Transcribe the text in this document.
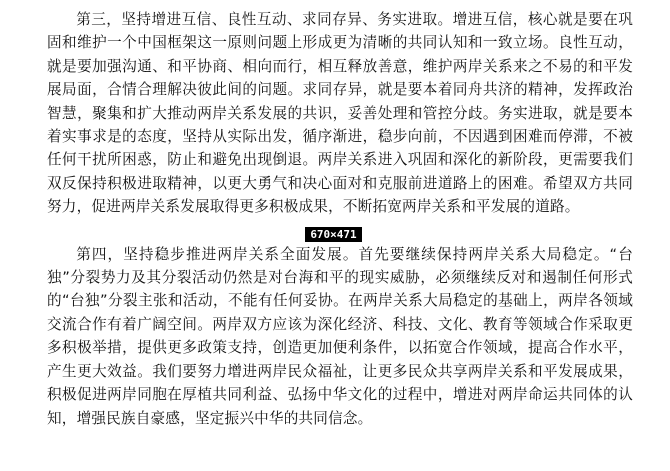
第三，坚持增进互信、良性互动、求同存异、务实进取。增进互信，核心就是要在巩固和维护一个中国框架这一原则问题上形成更为清晰的共同认知和一致立场。良性互动，就是要加强沟通、和平协商、相向而行，相互释放善意，维护两岸关系来之不易的和平发展局面，合情合理解决彼此间的问题。求同存异，就是要本着同舟共济的精神，发挥政治智慧，聚集和扩大推动两岸关系发展的共识，妥善处理和管控分歧。务实进取，就是要本着实事求是的态度，坚持从实际出发，循序渐进，稳步向前，不因遇到困难而停滞，不被任何干扰所困惑，防止和避免出现倒退。两岸关系进入巩固和深化的新阶段，更需要我们双反保持积极进取精神，以更大勇气和决心面对和克服前进道路上的困难。希望双方共同努力，促进两岸关系发展取得更多积极成果，不断拓宽两岸关系和平发展的道路。

第四，坚持稳步推进两岸关系全面发展。首先要继续保持两岸关系大局稳定。“台独”分裂势力及其分裂活动仍然是对台海和平的现实威胁，必须继续反对和遏制任何形式的“台独”分裂主张和活动，不能有任何妥协。在两岸关系大局稳定的基础上，两岸各领域交流合作有着广阔空间。两岸双方应该为深化经济、科技、文化、教育等领域合作采取更多积极举措，提供更多政策支持，创造更加便利条件，以拓宽合作领域，提高合作水平，产生更大效益。我们要努力增进两岸民众福祉，让更多民众共享两岸关系和平发展成果，积极促进两岸同胞在厚植共同利益、弘扬中华文化的过程中，增进对两岸命运共同体的认知，增强民族自豪感，坚定振兴中华的共同信念。

670×471
